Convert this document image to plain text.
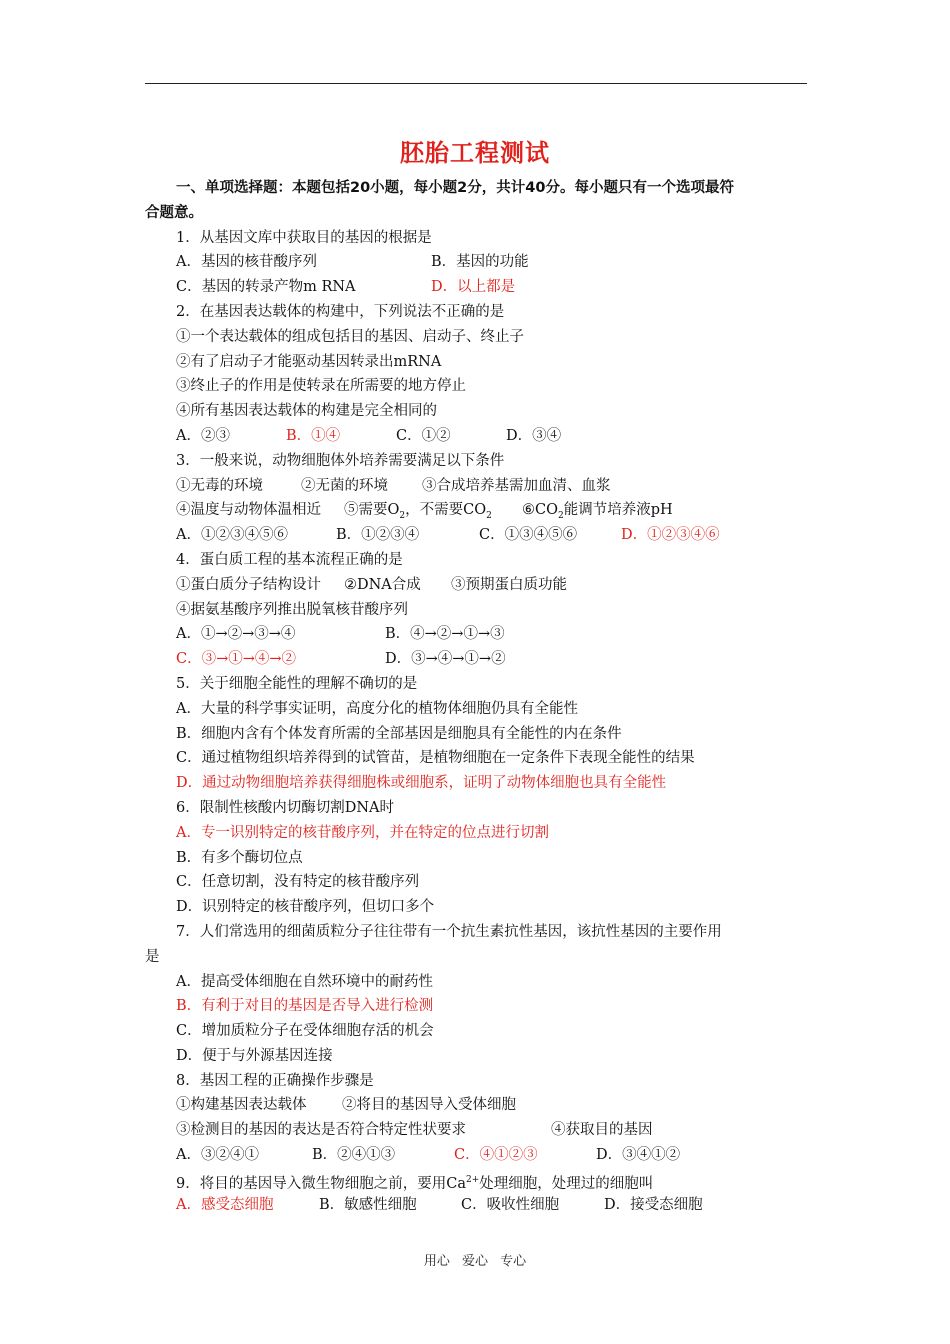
胚胎工程测试
一、单项选择题：本题包括20小题，每小题2分，共计40分。每小题只有一个选项最符
合题意。
1．从基因文库中获取目的基因的根据是
A．基因的核苷酸序列	B．基因的功能
C．基因的转录产物m RNA	D．以上都是
2．在基因表达载体的构建中，下列说法不正确的是
①一个表达载体的组成包括目的基因、启动子、终止子
②有了启动子才能驱动基因转录出mRNA
③终止子的作用是使转录在所需要的地方停止
④所有基因表达载体的构建是完全相同的
A．②③	B．①④	C．①②	D．③④
3．一般来说，动物细胞体外培养需要满足以下条件
①无毒的环境	②无菌的环境 ③合成培养基需加血清、血浆
④温度与动物体温相近 ⑤需要$O_2$，不需要$CO_2$ $⑥CO_2$能调节培养液pH
A．①②③④⑤⑥	B．①②③④	C．①③④⑤⑥	D．①②③④⑥
4．蛋白质工程的基本流程正确的是
①蛋白质分子结构设计 ②DNA合成 ③预期蛋白质功能
④据氨基酸序列推出脱氧核苷酸序列
A．①→②→③→④	B．④→②→①→③
C．③→①→④→②	D．③→④→①→②
5．关于细胞全能性的理解不确切的是
A．大量的科学事实证明，高度分化的植物体细胞仍具有全能性
B．细胞内含有个体发育所需的全部基因是细胞具有全能性的内在条件
C．通过植物组织培养得到的试管苗，是植物细胞在一定条件下表现全能性的结果
D．通过动物细胞培养获得细胞株或细胞系，证明了动物体细胞也具有全能性
6．限制性核酸内切酶切割DNA时
A．专一识别特定的核苷酸序列，并在特定的位点进行切割
B．有多个酶切位点
C．任意切割，没有特定的核苷酸序列
D．识别特定的核苷酸序列，但切口多个
7．人们常选用的细菌质粒分子往往带有一个抗生素抗性基因，该抗性基因的主要作用
是
A．提高受体细胞在自然环境中的耐药性
B．有利于对目的基因是否导入进行检测
C．增加质粒分子在受体细胞存活的机会
D．便于与外源基因连接
8．基因工程的正确操作步骤是
①构建基因表达载体 ②将目的基因导入受体细胞
③检测目的基因的表达是否符合特定性状要求	④获取目的基因
A．③②④①	B．②④①③	C．④①②③	D．③④①②
9．将目的基因导入微生物细胞之前，要用$Ca^{2+}$处理细胞，处理过的细胞叫
A．感受态细胞	B．敏感性细胞	C．吸收性细胞	D．接受态细胞
用心 爱心 专心
